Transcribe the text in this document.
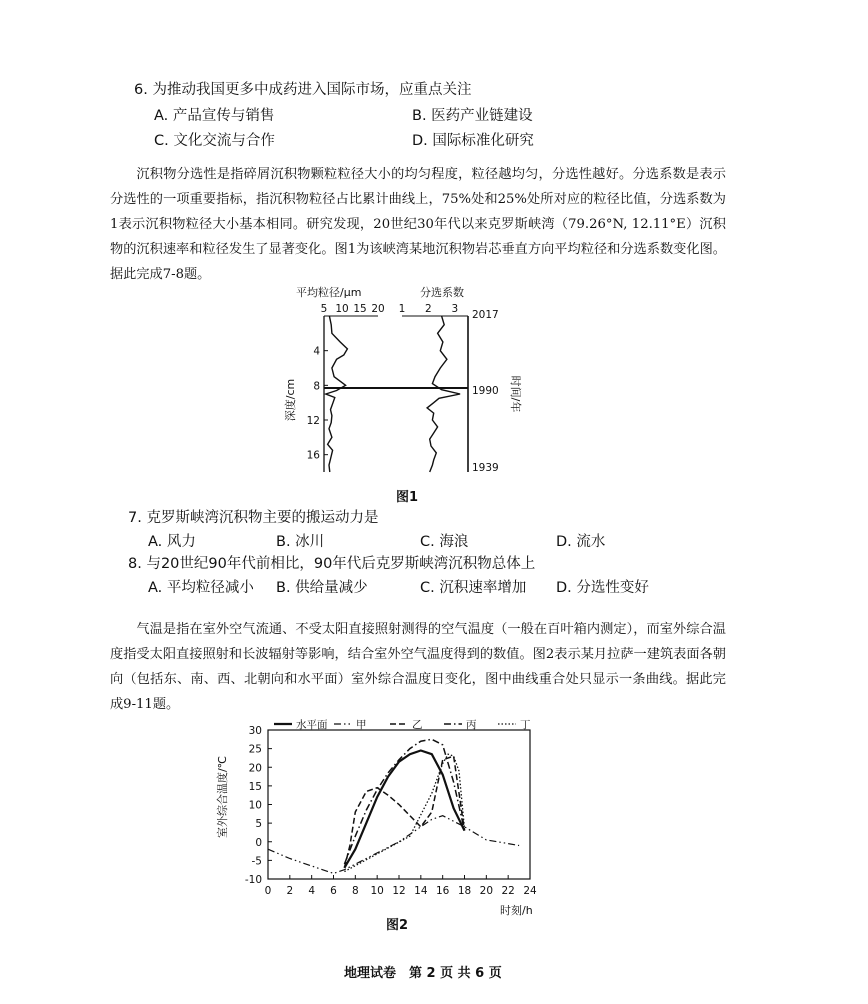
6. 为推动我国更多中成药进入国际市场，应重点关注
A. 产品宣传与销售	B. 医药产业链建设
C. 文化交流与合作	D. 国际标准化研究
沉积物分选性是指碎屑沉积物颗粒粒径大小的均匀程度，粒径越均匀，分选性越好。分选系数是表示分选性的一项重要指标，指沉积物粒径占比累计曲线上，75%处和25%处所对应的粒径比值，分选系数为1表示沉积物粒径大小基本相同。研究发现，20世纪30年代以来克罗斯峡湾（79.26°N, 12.11°E）沉积物的沉积速率和粒径发生了显著变化。图1为该峡湾某地沉积物岩芯垂直方向平均粒径和分选系数变化图。据此完成7-8题。
平均粒径/μm	分选系数
5 10 15 20 1 2 3
4
8
12
16
深度/cm	时间/年
2017
1990
1939
图1
7. 克罗斯峡湾沉积物主要的搬运动力是
A. 风力	B. 冰川	C. 海浪	D. 流水
8. 与20世纪90年代前相比，90年代后克罗斯峡湾沉积物总体上
A. 平均粒径减小 B. 供给量减少	C. 沉积速率增加 D. 分选性变好
气温是指在室外空气流通、不受太阳直接照射测得的空气温度（一般在百叶箱内测定），而室外综合温度指受太阳直接照射和长波辐射等影响，结合室外空气温度得到的数值。图2表示某月拉萨一建筑表面各朝向（包括东、南、西、北朝向和水平面）室外综合温度日变化，图中曲线重合处只显示一条曲线。据此完成9-11题。
室外综合温度/℃
30
25
20
15
10
5
0
-5
-10
0 2 4 6 8 10 12 14 16 18 20 22 24
水平面	甲	乙	丙	丁
时刻/h
图2
地理试卷　第 2 页 共 6 页
